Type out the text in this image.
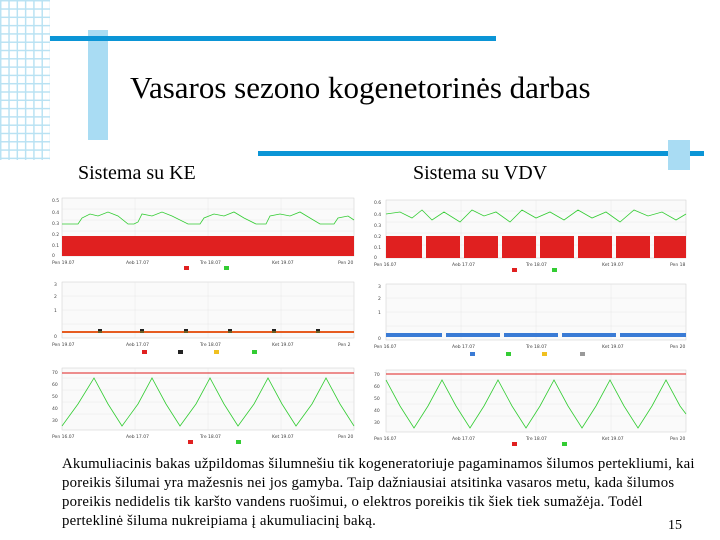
Vasaros sezono kogenetorinės darbas
Sistema su KE	Sistema su VDV
0.5
0.4
0.3
0.2
0.1
0
Pen 19.07	Aeb 17.07	Tre 18.07	Ket 19.07	Pen 20
3
2
1
0
Pen 19.07	Aeb 17.07	Tre 18.07	Ket 19.07	Pen 2
70
60
50
40
30
Pen 16.07	Aeb 17.07	Tre 18.07	Ket 19.07	Pen 20
0.6
0.4
0.3
0.2
0.1
0
Pen 16.07	Aeb 17.07	Tre 18.07	Ket 19.07	Pen 18
3
2
1
0
Pen 16.07	Aeb 17.07	Tre 18.07	Ket 19.07	Pen 20
70
60
50
40
30
Pen 16.07	Aeb 17.07	Tre 18.07	Ket 19.07	Pen 20
Akumuliacinis bakas užpildomas šilumnešiu tik kogeneratoriuje pagaminamos šilumos pertekliumi, kai poreikis šilumai yra mažesnis nei jos gamyba. Taip dažniausiai atsitinka vasaros metu, kada šilumos poreikis nedidelis tik karšto vandens ruošimui, o elektros poreikis tik šiek tiek sumažėja. Todėl perteklinė šiluma nukreipiama į akumuliacinį baką.	15
